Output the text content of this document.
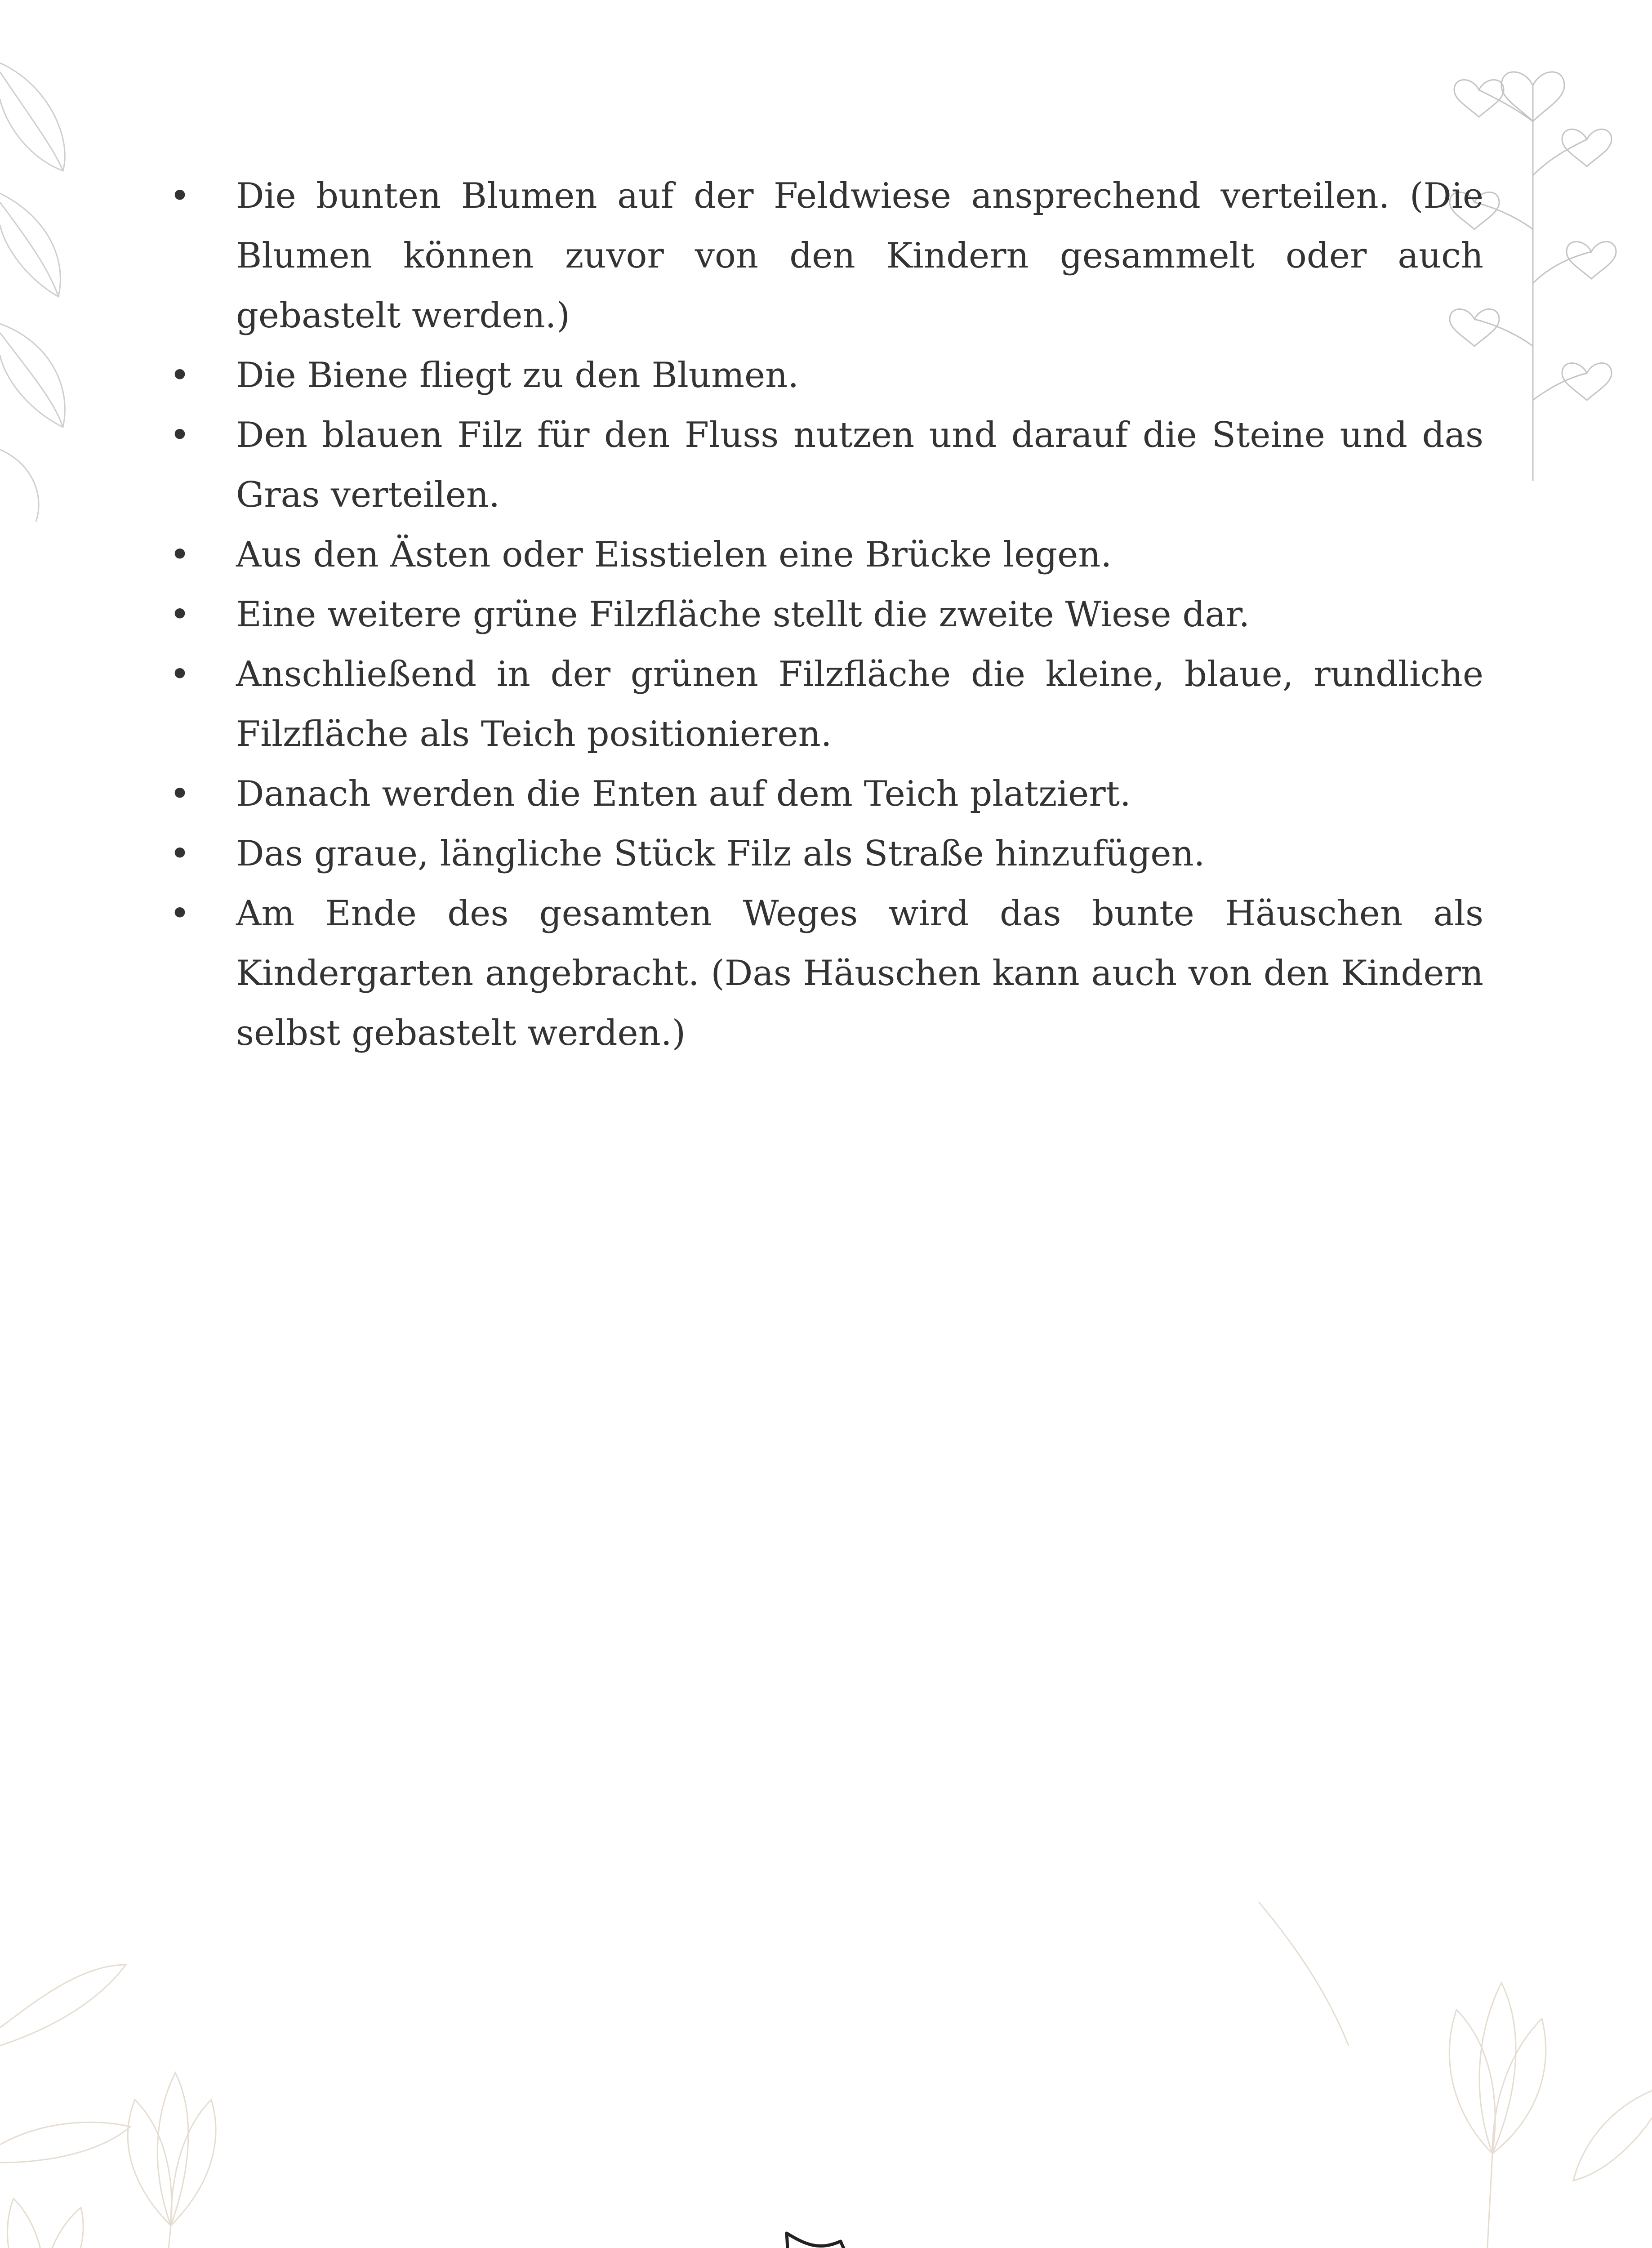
• Die bunten Blumen auf der Feldwiese ansprechend verteilen. (Die Blumen können zuvor von den Kindern gesammelt oder auch gebastelt werden.)
• Die Biene fliegt zu den Blumen.
• Den blauen Filz für den Fluss nutzen und darauf die Steine und das Gras verteilen.
• Aus den Ästen oder Eisstielen eine Brücke legen.
• Eine weitere grüne Filzfläche stellt die zweite Wiese dar.
• Anschließend in der grünen Filzfläche die kleine, blaue, rundliche Filzfläche als Teich positionieren.
• Danach werden die Enten auf dem Teich platziert.
• Das graue, längliche Stück Filz als Straße hinzufügen.
• Am Ende des gesamten Weges wird das bunte Häuschen als Kindergarten angebracht. (Das Häuschen kann auch von den Kindern selbst gebastelt werden.)
